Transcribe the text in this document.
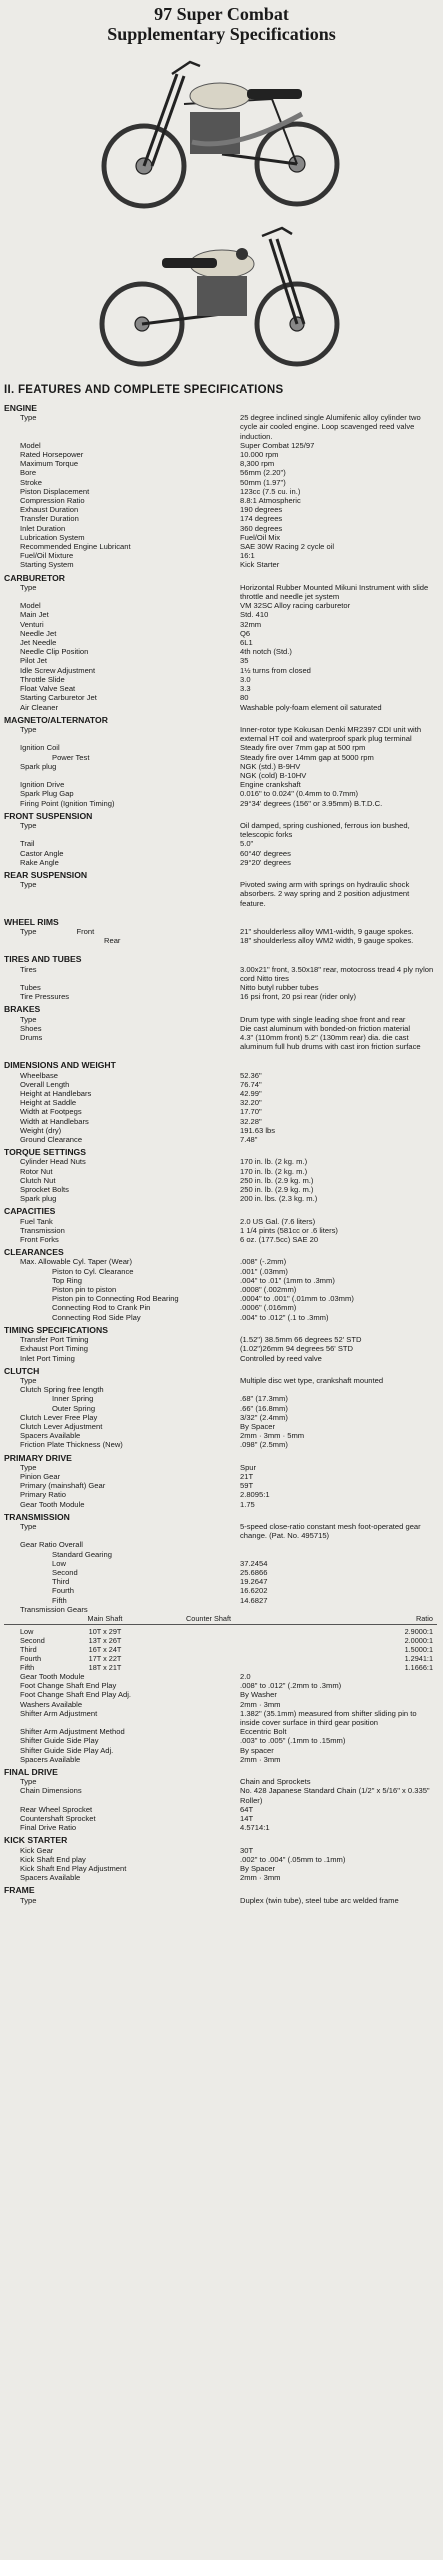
97 Super Combat
Supplementary Specifications
II. FEATURES AND COMPLETE SPECIFICATIONS
ENGINE
Type	25 degree inclined single Alumifenic alloy cylinder two cycle air cooled engine. Loop scavenged reed valve induction.
Model	Super Combat 125/97
Rated Horsepower	10.000 rpm
Maximum Torque	8,300 rpm
Bore	56mm (2.20")
Stroke	50mm (1.97")
Piston Displacement	123cc (7.5 cu. in.)
Compression Ratio	8.8:1 Atmospheric
Exhaust Duration	190 degrees
Transfer Duration	174 degrees
Inlet Duration	360 degrees
Lubrication System	Fuel/Oil Mix
Recommended Engine Lubricant	SAE 30W Racing 2 cycle oil
Fuel/Oil Mixture	16:1
Starting System	Kick Starter
CARBURETOR
Type	Horizontal Rubber Mounted Mikuni Instrument with slide throttle and needle jet system
Model	VM 32SC Alloy racing carburetor
Main Jet	Std. 410
Venturi	32mm
Needle Jet	Q6
Jet Needle	6L1
Needle Clip Position	4th notch (Std.)
Pilot Jet	35
Idle Screw Adjustment	1½ turns from closed
Throttle Slide	3.0
Float Valve Seat	3.3
Starting Carburetor Jet	80
Air Cleaner	Washable poly-foam element oil saturated
MAGNETO/ALTERNATOR
Type	Inner-rotor type Kokusan Denki MR2397 CDI unit with external HT coil and waterproof spark plug terminal
Ignition Coil	Steady fire over 7mm gap at 500 rpm
Power Test	Steady fire over 14mm gap at 5000 rpm
Spark plug	NGK (std.) B-9HV
NGK (cold) B-10HV
Ignition Drive	Engine crankshaft
Spark Plug Gap	0.016" to 0.024" (0.4mm to 0.7mm)
Firing Point (Ignition Timing)	29°34' degrees (156" or 3.95mm) B.T.D.C.
FRONT SUSPENSION
Type	Oil damped, spring cushioned, ferrous ion bushed, telescopic forks
Trail	5.0"
Castor Angle	60°40' degrees
Rake Angle	29°20' degrees
REAR SUSPENSION
Type	Pivoted swing arm with springs on hydraulic shock absorbers. 2 way spring and 2 position adjustment feature.
WHEEL RIMS
Type	Front	21" shoulderless alloy WM1-width, 9 gauge spokes.
Rear	18" shoulderless alloy WM2 width, 9 gauge spokes.
TIRES AND TUBES
Tires	3.00x21" front, 3.50x18" rear, motocross tread 4 ply nylon cord Nitto tires
Tubes	Nitto butyl rubber tubes
Tire Pressures	16 psi front, 20 psi rear (rider only)
BRAKES
Type	Drum type with single leading shoe front and rear
Shoes	Die cast aluminum with bonded-on friction material
Drums	4.3" (110mm front) 5.2" (130mm rear) dia. die cast aluminum full hub drums with cast iron friction surface
DIMENSIONS AND WEIGHT
Wheelbase	52.36"
Overall Length	76.74"
Height at Handlebars	42.99"
Height at Saddle	32.20"
Width at Footpegs	17.70"
Width at Handlebars	32.28"
Weight (dry)	191.63 lbs
Ground Clearance	7.48"
TORQUE SETTINGS
Cylinder Head Nuts	170 in. lb. (2 kg. m.)
Rotor Nut	170 in. lb. (2 kg. m.)
Clutch Nut	250 in. lb. (2.9 kg. m.)
Sprocket Bolts	250 in. lb. (2.9 kg. m.)
Spark plug	200 in. lbs. (2.3 kg. m.)
CAPACITIES
Fuel Tank	2.0 US Gal. (7.6 liters)
Transmission	1 1/4 pints (581cc or .6 liters)
Front Forks	6 oz. (177.5cc) SAE 20
CLEARANCES
Max. Allowable Cyl. Taper (Wear)	.008" (-.2mm)
Piston to Cyl. Clearance	.001" (.03mm)
Top Ring	.004" to .01" (1mm to .3mm)
Piston pin to piston	.0008" (.002mm)
Piston pin to Connecting Rod Bearing	.0004" to .001" (.01mm to .03mm)
Connecting Rod to Crank Pin	.0006" (.016mm)
Connecting Rod Side Play	.004" to .012" (.1 to .3mm)
TIMING SPECIFICATIONS
Transfer Port Timing	(1.52") 38.5mm 66 degrees 52' STD
Exhaust Port Timing	(1.02")26mm 94 degrees 56' STD
Inlet Port Timing	Controlled by reed valve
CLUTCH
Type	Multiple disc wet type, crankshaft mounted
Clutch Spring free length
Inner Spring	.68" (17.3mm)
Outer Spring	.66" (16.8mm)
Clutch Lever Free Play	3/32" (2.4mm)
Clutch Lever Adjustment	By Spacer
Spacers Available	2mm · 3mm · 5mm
Friction Plate Thickness (New)	.098" (2.5mm)
PRIMARY DRIVE
Type	Spur
Pinion Gear	21T
Primary (mainshaft) Gear	59T
Primary Ratio	2.8095:1
Gear Tooth Module	1.75
TRANSMISSION
Type	5-speed close-ratio constant mesh foot-operated gear change. (Pat. No. 495715)
Gear Ratio Overall
Standard Gearing
Low	37.2454
Second	25.6866
Third	19.2647
Fourth	16.6202
Fifth	14.6827
Transmission Gears
Main Shaft	Counter Shaft	Ratio
Low	10T x 29T	2.9000:1
Second	13T x 26T	2.0000:1
Third	16T x 24T	1.5000:1
Fourth	17T x 22T	1.2941:1
Fifth	18T x 21T	1.1666:1
Gear Tooth Module	2.0
Foot Change Shaft End Play	.008" to .012" (.2mm to .3mm)
Foot Change Shaft End Play Adj.	By Washer
Washers Available	2mm · 3mm
Shifter Arm Adjustment	1.382" (35.1mm) measured from shifter sliding pin to inside cover surface in third gear position
Shifter Arm Adjustment Method	Eccentric Bolt
Shifter Guide Side Play	.003" to .005" (.1mm to .15mm)
Shifter Guide Side Play Adj.	By spacer
Spacers Available	2mm · 3mm
FINAL DRIVE
Type	Chain and Sprockets
Chain Dimensions	No. 428 Japanese Standard Chain (1/2" x 5/16" x 0.335" Roller)
Rear Wheel Sprocket	64T
Countershaft Sprocket	14T
Final Drive Ratio	4.5714:1
KICK STARTER
Kick Gear	30T
Kick Shaft End play	.002" to .004" (.05mm to .1mm)
Kick Shaft End Play Adjustment	By Spacer
Spacers Available	2mm · 3mm
FRAME
Type	Duplex (twin tube), steel tube arc welded frame
